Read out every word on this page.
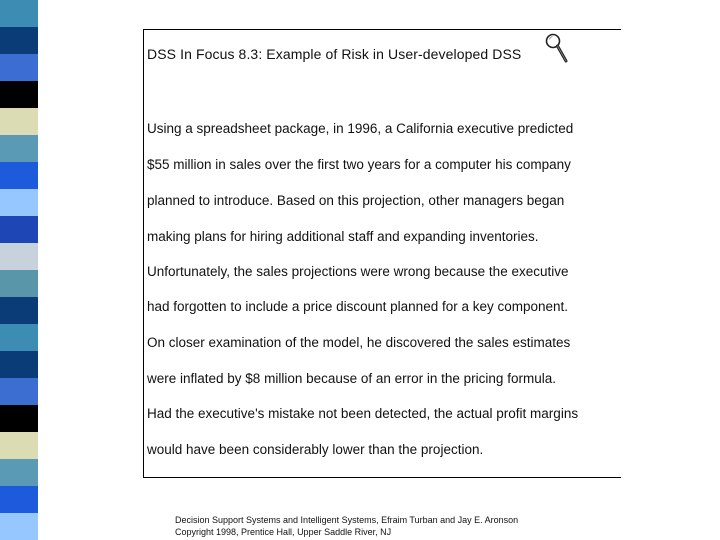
DSS In Focus 8.3: Example of Risk in User-developed DSS
Using a spreadsheet package, in 1996, a California executive predicted
$55 million in sales over the first two years for a computer his company
planned to introduce. Based on this projection, other managers began
making plans for hiring additional staff and expanding inventories.
Unfortunately, the sales projections were wrong because the executive
had forgotten to include a price discount planned for a key component.
On closer examination of the model, he discovered the sales estimates
were inflated by $8 million because of an error in the pricing formula.
Had the executive's mistake not been detected, the actual profit margins
would have been considerably lower than the projection.
Decision Support Systems and Intelligent Systems, Efraim Turban and Jay E. Aronson
Copyright 1998, Prentice Hall, Upper Saddle River, NJ
